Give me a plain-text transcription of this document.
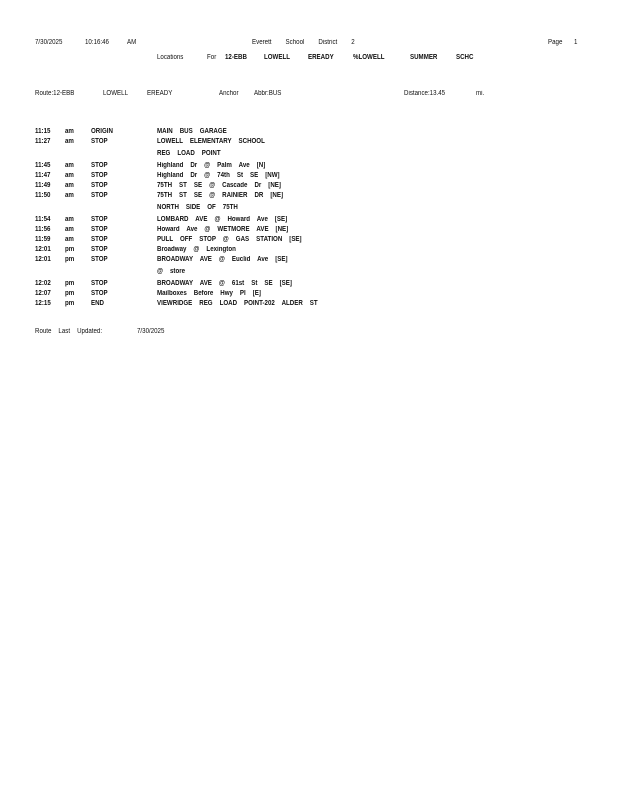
7/30/2025	10:16:46	AM	Everett School District 2	Page 1
Locations	For 12-EBB LOWELL	EREADY	%LOWELL	SUMMER	SCHC
Route:12-EBB	LOWELL	EREADY	Anchor Abbr:BUS	Distance:13.45	mi.
11:15 am ORIGIN	MAIN BUS GARAGE
11:27 am STOP	LOWELL ELEMENTARY SCHOOL
REG LOAD POINT
11:45 am STOP	Highland Dr @ Palm Ave [N]
11:47 am STOP	Highland Dr @ 74th St SE [NW]
11:49 am STOP	75TH ST SE @ Cascade Dr [NE]
11:50 am STOP	75TH ST SE @ RAINIER DR [NE]
NORTH SIDE OF 75TH
11:54 am STOP	LOMBARD AVE @ Howard Ave [SE]
11:56 am STOP	Howard Ave @ WETMORE AVE [NE]
11:59 am STOP	PULL OFF STOP @ GAS STATION [SE]
12:01 pm STOP	Broadway @ Lexington
12:01 pm STOP	BROADWAY AVE @ Euclid Ave [SE]
@ store
12:02 pm STOP	BROADWAY AVE @ 61st St SE [SE]
12:07 pm STOP	Mailboxes Before Hwy Pl [E]
12:15 pm END	VIEWRIDGE REG LOAD POINT-202 ALDER ST
Route Last Updated:	7/30/2025
